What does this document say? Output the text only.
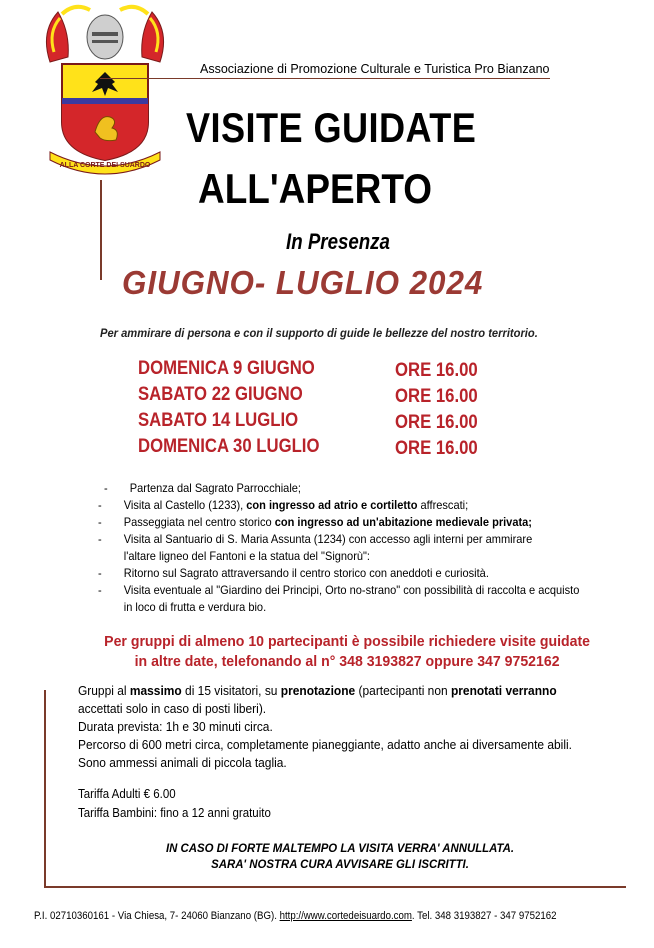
ALLA CORTE DEI SUARDO
Associazione di Promozione Culturale e Turistica Pro Bianzano
VISITE GUIDATE
ALL'APERTO
In Presenza
GIUGNO- LUGLIO 2024
Per ammirare di persona e con il supporto di guide le bellezze del nostro territorio.
DOMENICA 9 GIUGNO	ORE 16.00
SABATO 22 GIUGNO	ORE 16.00
SABATO 14 LUGLIO	ORE 16.00
DOMENICA 30 LUGLIO	ORE 16.00
- Partenza dal Sagrato Parrocchiale;
- Visita al Castello (1233), con ingresso ad atrio e cortiletto affrescati;
- Passeggiata nel centro storico con ingresso ad un'abitazione medievale privata;
- Visita al Santuario di S. Maria Assunta (1234) con accesso agli interni per ammirare
l'altare ligneo del Fantoni e la statua del "Signorù":
- Ritorno sul Sagrato attraversando il centro storico con aneddoti e curiosità.
- Visita eventuale al "Giardino dei Principi, Orto no-strano" con possibilità di raccolta e acquisto
in loco di frutta e verdura bio.
Per gruppi di almeno 10 partecipanti è possibile richiedere visite guidate in altre date, telefonando al n° 348 3193827 oppure 347 9752162
Gruppi al massimo di 15 visitatori, su prenotazione (partecipanti non prenotati verranno
accettati solo in caso di posti liberi).
Durata prevista: 1h e 30 minuti circa.
Percorso di 600 metri circa, completamente pianeggiante, adatto anche ai diversamente abili.
Sono ammessi animali di piccola taglia.
Tariffa Adulti € 6.00
Tariffa Bambini: fino a 12 anni gratuito
IN CASO DI FORTE MALTEMPO LA VISITA VERRA' ANNULLATA.
SARA' NOSTRA CURA AVVISARE GLI ISCRITTI.
P.I. 02710360161 - Via Chiesa, 7- 24060 Bianzano (BG). http://www.cortedeisuardo.com. Tel. 348 3193827 - 347 9752162
